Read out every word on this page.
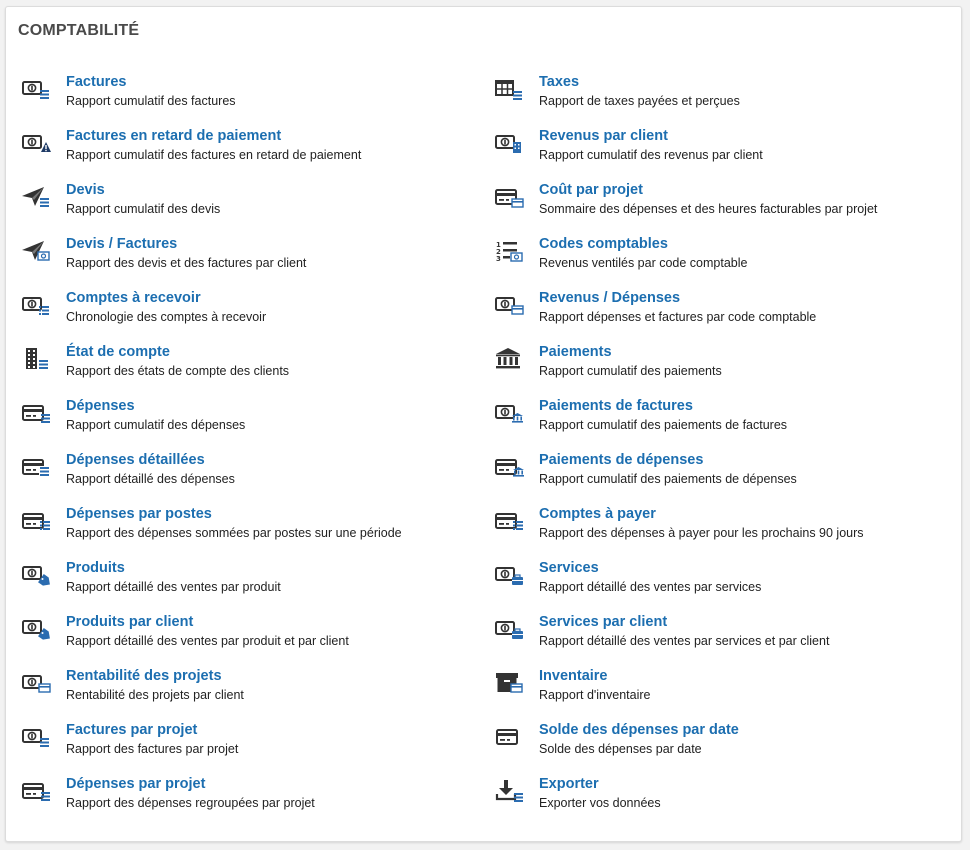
COMPTABILITÉ
Factures
Rapport cumulatif des factures
Factures en retard de paiement
Rapport cumulatif des factures en retard de paiement
Devis
Rapport cumulatif des devis
Devis / Factures
Rapport des devis et des factures par client
Comptes à recevoir
Chronologie des comptes à recevoir
État de compte
Rapport des états de compte des clients
Dépenses
Rapport cumulatif des dépenses
Dépenses détaillées
Rapport détaillé des dépenses
Dépenses par postes
Rapport des dépenses sommées par postes sur une période
Produits
Rapport détaillé des ventes par produit
Produits par client
Rapport détaillé des ventes par produit et par client
Rentabilité des projets
Rentabilité des projets par client
Factures par projet
Rapport des factures par projet
Dépenses par projet
Rapport des dépenses regroupées par projet
Taxes
Rapport de taxes payées et perçues
Revenus par client
Rapport cumulatif des revenus par client
Coût par projet
Sommaire des dépenses et des heures facturables par projet
1
2
3
Codes comptables
Revenus ventilés par code comptable
Revenus / Dépenses
Rapport dépenses et factures par code comptable
Paiements
Rapport cumulatif des paiements
Paiements de factures
Rapport cumulatif des paiements de factures
Paiements de dépenses
Rapport cumulatif des paiements de dépenses
Comptes à payer
Rapport des dépenses à payer pour les prochains 90 jours
Services
Rapport détaillé des ventes par services
Services par client
Rapport détaillé des ventes par services et par client
Inventaire
Rapport d'inventaire
Solde des dépenses par date
Solde des dépenses par date
Exporter
Exporter vos données
